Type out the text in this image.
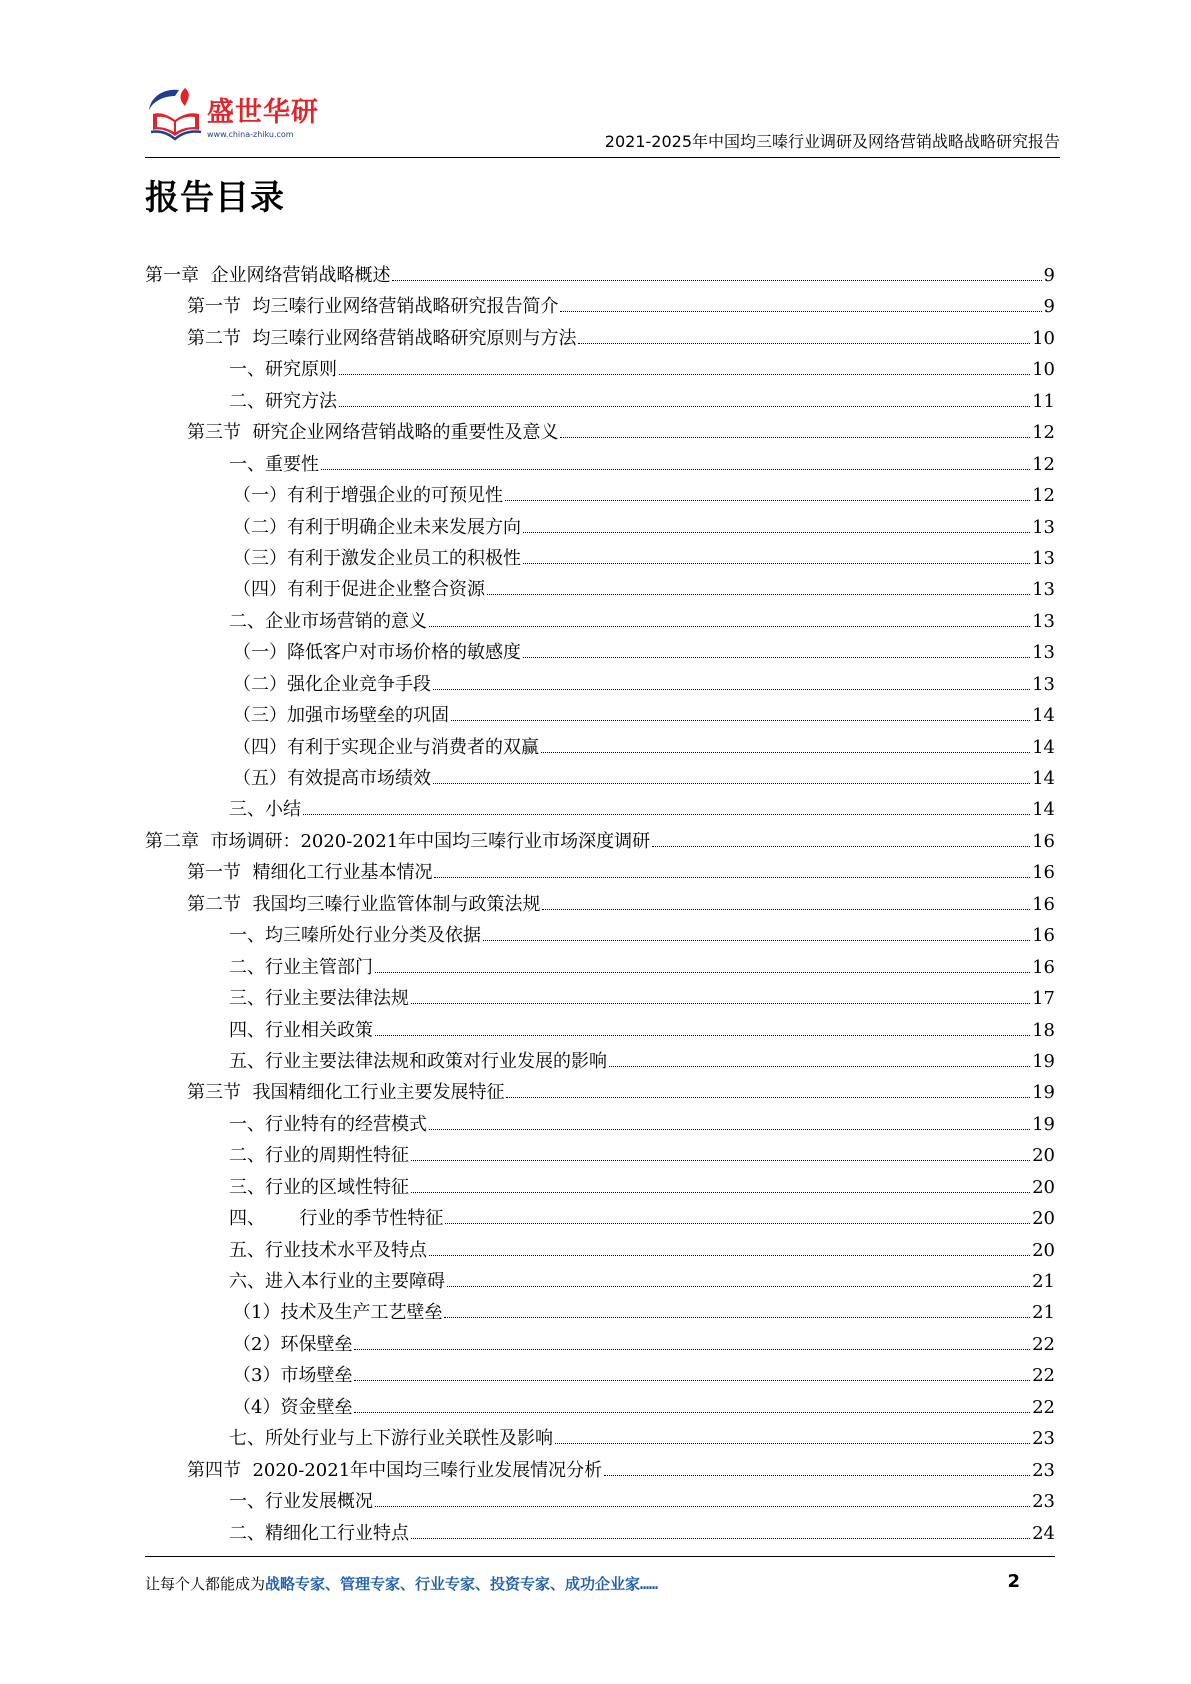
盛世华研
www.china-zhiku.com	2021-2025年中国均三嗪行业调研及网络营销战略战略研究报告
报告目录
第一章  企业网络营销战略概述	9
第一节  均三嗪行业网络营销战略研究报告简介	9
第二节  均三嗪行业网络营销战略研究原则与方法	10
一、研究原则	10
二、研究方法	11
第三节  研究企业网络营销战略的重要性及意义	12
一、重要性	12
（一）有利于增强企业的可预见性	12
（二）有利于明确企业未来发展方向	13
（三）有利于激发企业员工的积极性	13
（四）有利于促进企业整合资源	13
二、企业市场营销的意义	13
（一）降低客户对市场价格的敏感度	13
（二）强化企业竞争手段	13
（三）加强市场壁垒的巩固	14
（四）有利于实现企业与消费者的双赢	14
（五）有效提高市场绩效	14
三、小结	14
第二章  市场调研：2020-2021年中国均三嗪行业市场深度调研	16
第一节  精细化工行业基本情况	16
第二节  我国均三嗪行业监管体制与政策法规	16
一、均三嗪所处行业分类及依据	16
二、行业主管部门	16
三、行业主要法律法规	17
四、行业相关政策	18
五、行业主要法律法规和政策对行业发展的影响	19
第三节  我国精细化工行业主要发展特征	19
一、行业特有的经营模式	19
二、行业的周期性特征	20
三、行业的区域性特征	20
四、      行业的季节性特征	20
五、行业技术水平及特点	20
六、进入本行业的主要障碍	21
（1）技术及生产工艺壁垒	21
（2）环保壁垒	22
（3）市场壁垒	22
（4）资金壁垒	22
七、所处行业与上下游行业关联性及影响	23
第四节  2020-2021年中国均三嗪行业发展情况分析	23
一、行业发展概况	23
二、精细化工行业特点	24
让每个人都能成为战略专家、管理专家、行业专家、投资专家、成功企业家……	2
